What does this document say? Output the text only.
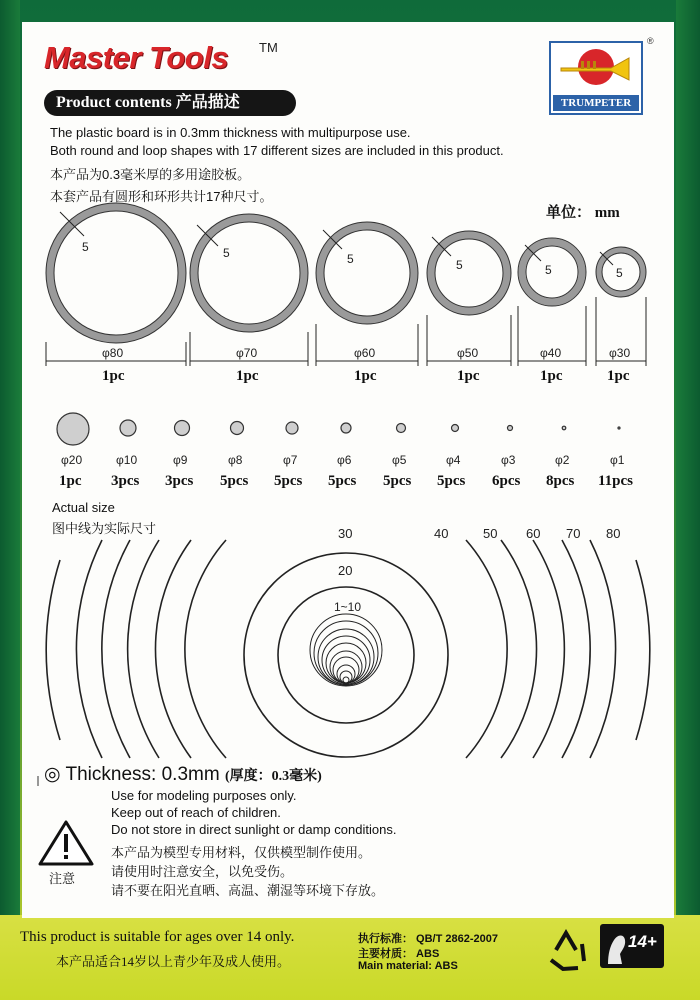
Master Tools TM
TRUMPETER
®
Product contents 产品描述
The plastic board is in 0.3mm thickness with multipurpose use.
Both round and loop shapes with 17 different sizes are included in this product.
本产品为0.3毫米厚的多用途胶板。
本套产品有圆形和环形共计17种尺寸。
单位： mm
5	5	5	5	5	5
φ80	φ70	φ60	φ50	φ40	φ30
1pc	1pc	1pc	1pc	1pc	1pc
φ20	φ10	φ9	φ8	φ7	φ6	φ5	φ4	φ3	φ2	φ1
1pc 3pcs 3pcs 5pcs 5pcs 5pcs 5pcs 5pcs 6pcs 8pcs 11pcs
Actual size
图中线为实际尺寸	30	40	50 60 70 80
20
1~10
◎ Thickness: 0.3mm (厚度：0.3毫米)
Use for modeling purposes only.
Keep out of reach of children.
Do not store in direct sunlight or damp conditions.
本产品为模型专用材料，仅供模型制作使用。
请使用时注意安全，以免受伤。
请不要在阳光直晒、高温、潮湿等环境下存放。
注意
This product is suitable for ages over 14 only.
本产品适合14岁以上青少年及成人使用。
执行标准： QB/T 2862-2007
主要材质： ABS
Main material: ABS
14+
